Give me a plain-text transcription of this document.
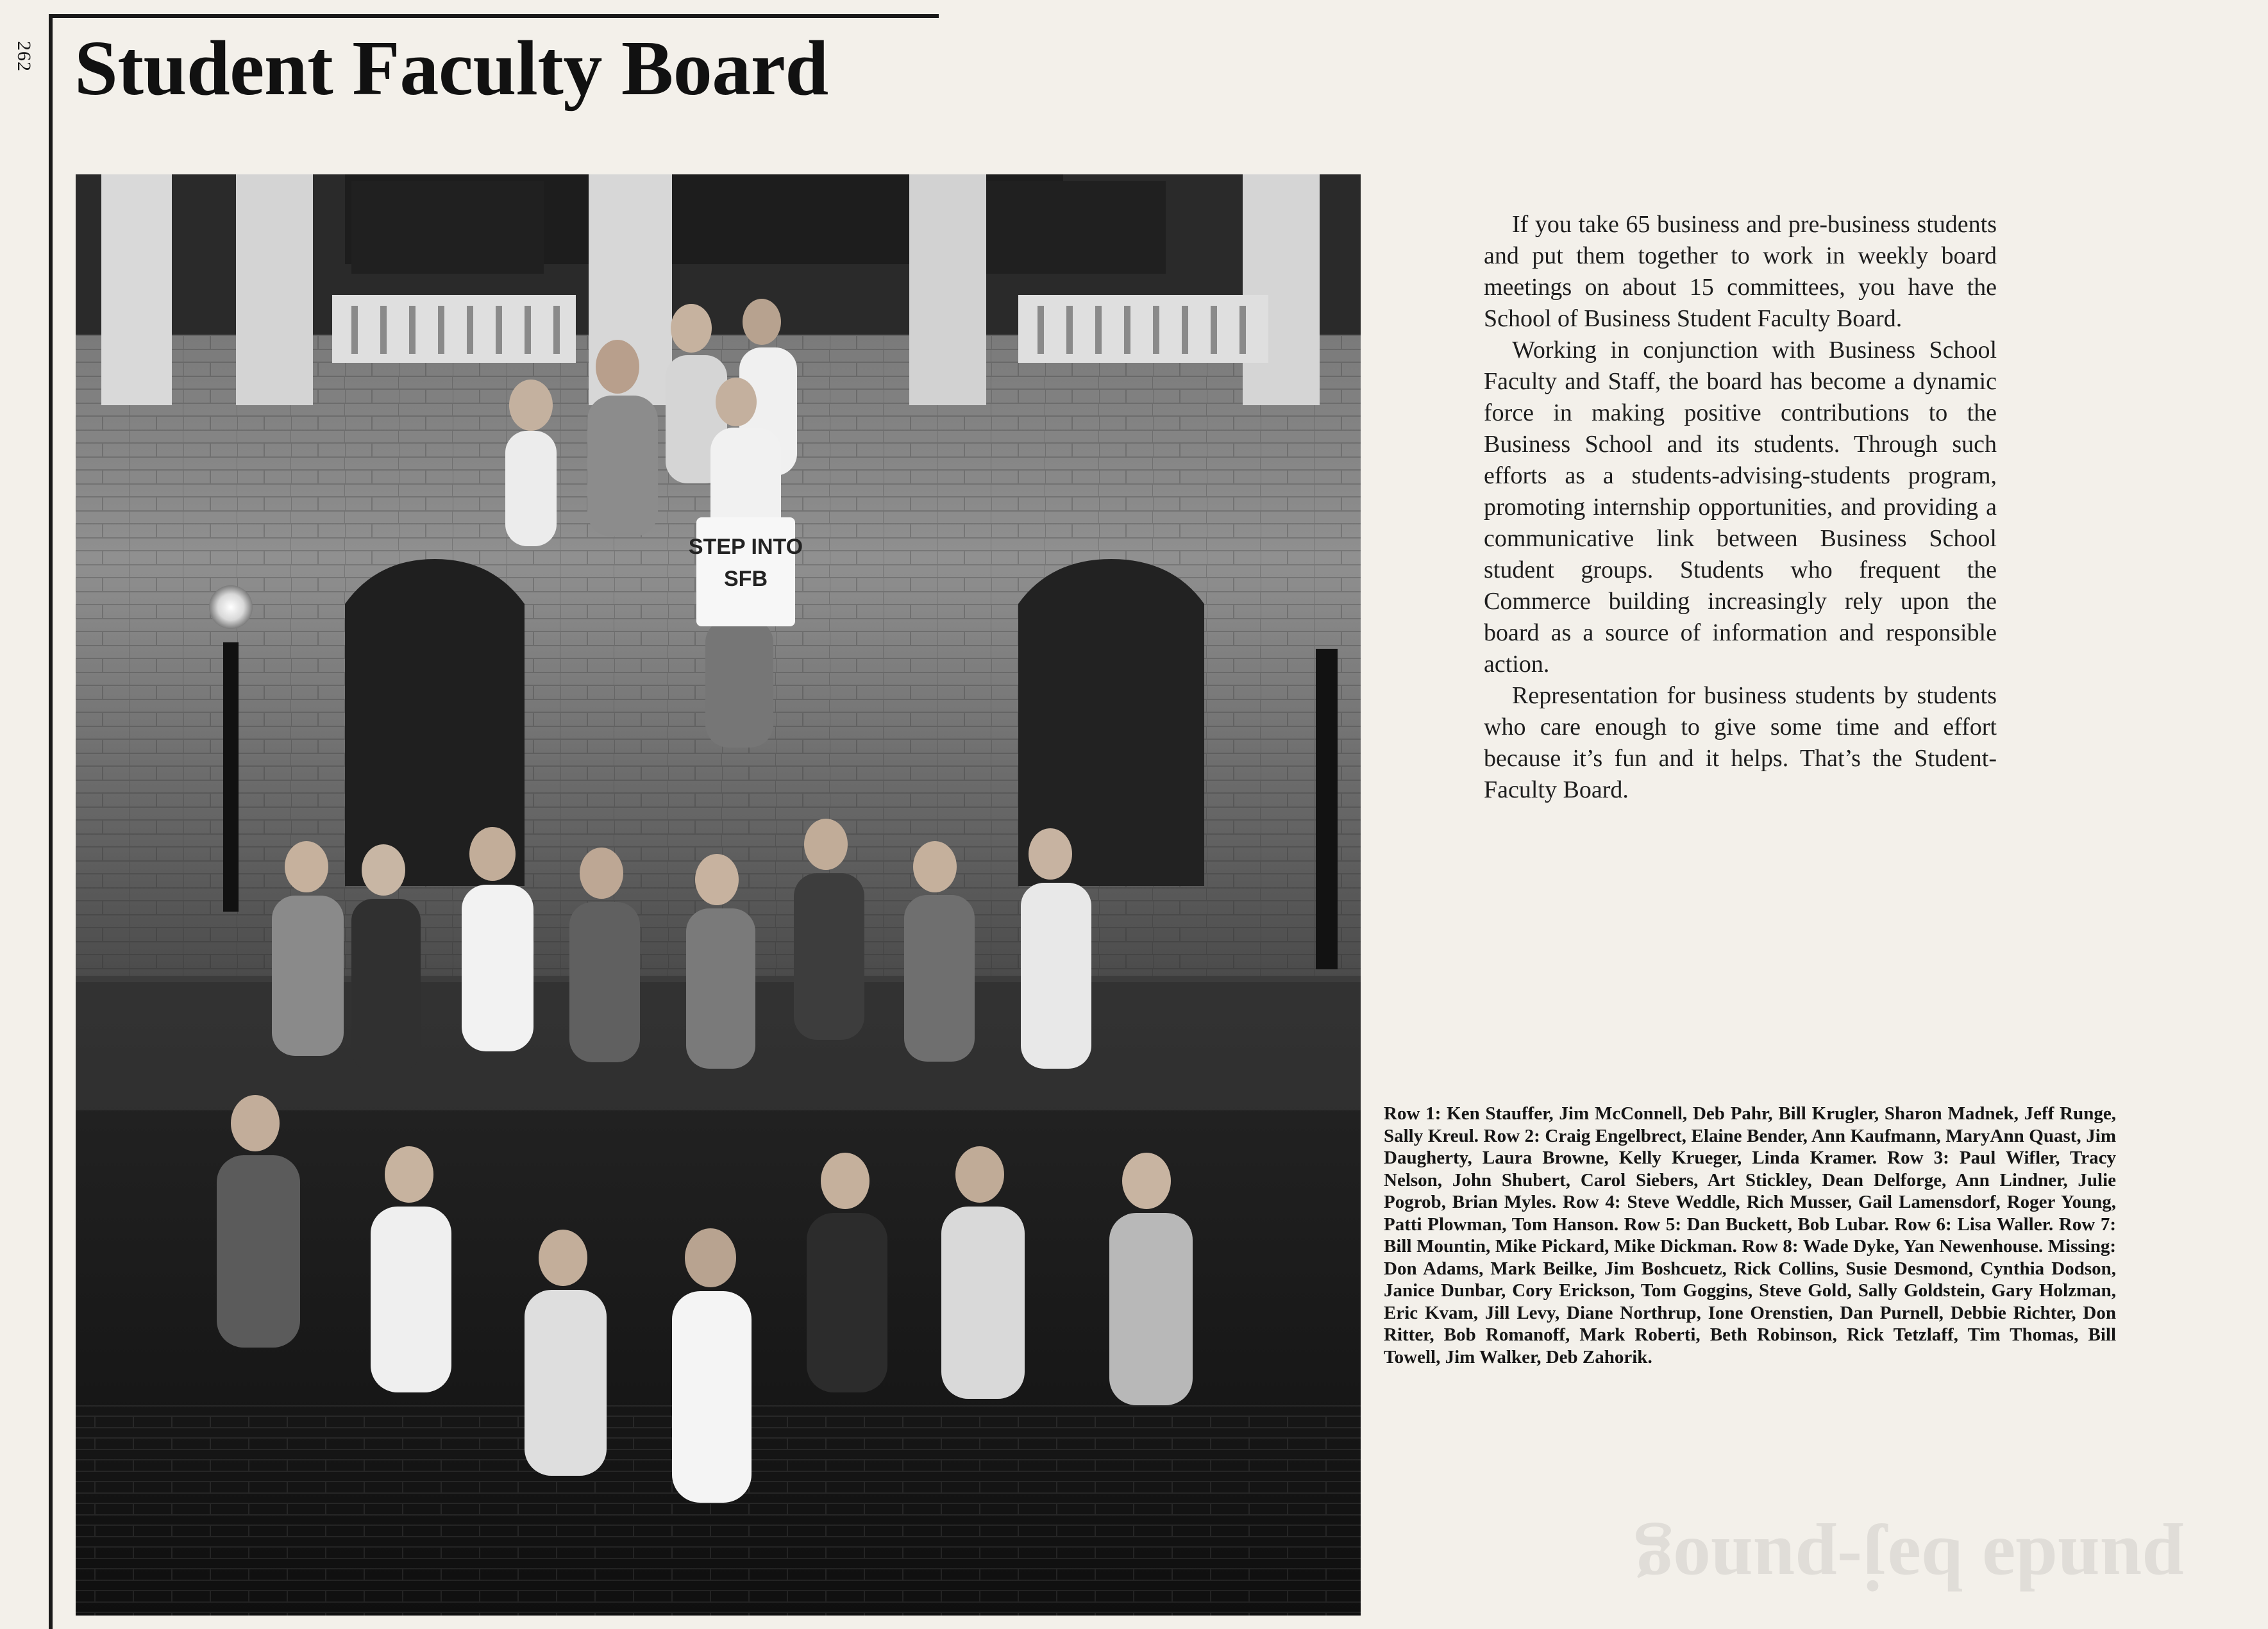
262 Student Faculty Board
STEP INTO
SFB

If you take 65 business and pre-business students and put them together to work in weekly board meetings on about 15 committees, you have the School of Business Student Faculty Board.

Working in conjunction with Business School Faculty and Staff, the board has become a dynamic force in making positive contributions to the Business School and its students. Through such efforts as a students-advising-students program, promoting internship opportunities, and providing a communicative link between Business School student groups. Students who frequent the Commerce building increasingly rely upon the board as a source of information and responsible action.

Representation for business students by students who care enough to give some time and effort because it’s fun and it helps. That’s the Student-Faculty Board.

Row 1: Ken Stauffer, Jim McConnell, Deb Pahr, Bill Krugler, Sharon Madnek, Jeff Runge, Sally Kreul. Row 2: Craig Engelbrect, Elaine Bender, Ann Kaufmann, MaryAnn Quast, Jim Daugherty, Laura Browne, Kelly Krueger, Linda Kramer. Row 3: Paul Wifler, Tracy Nelson, John Shubert, Carol Siebers, Art Stickley, Dean Delforge, Ann Lindner, Julie Pogrob, Brian Myles. Row 4: Steve Weddle, Rich Musser, Gail Lamensdorf, Roger Young, Patti Plowman, Tom Hanson. Row 5: Dan Buckett, Bob Lubar. Row 6: Lisa Waller. Row 7: Bill Mountin, Mike Pickard, Mike Dickman. Row 8: Wade Dyke, Yan Newenhouse. Missing: Don Adams, Mark Beilke, Jim Boshcuetz, Rick Collins, Susie Desmond, Cynthia Dodson, Janice Dunbar, Cory Erickson, Tom Goggins, Steve Gold, Sally Goldstein, Gary Holzman, Eric Kvam, Jill Levy, Diane Northrup, Ione Orenstien, Dan Purnell, Debbie Richter, Don Ritter, Bob Romanoff, Mark Roberti, Beth Robinson, Rick Tetzlaff, Tim Thomas, Bill Towell, Jim Walker, Deb Zahorik.
pundə bəj-punog
